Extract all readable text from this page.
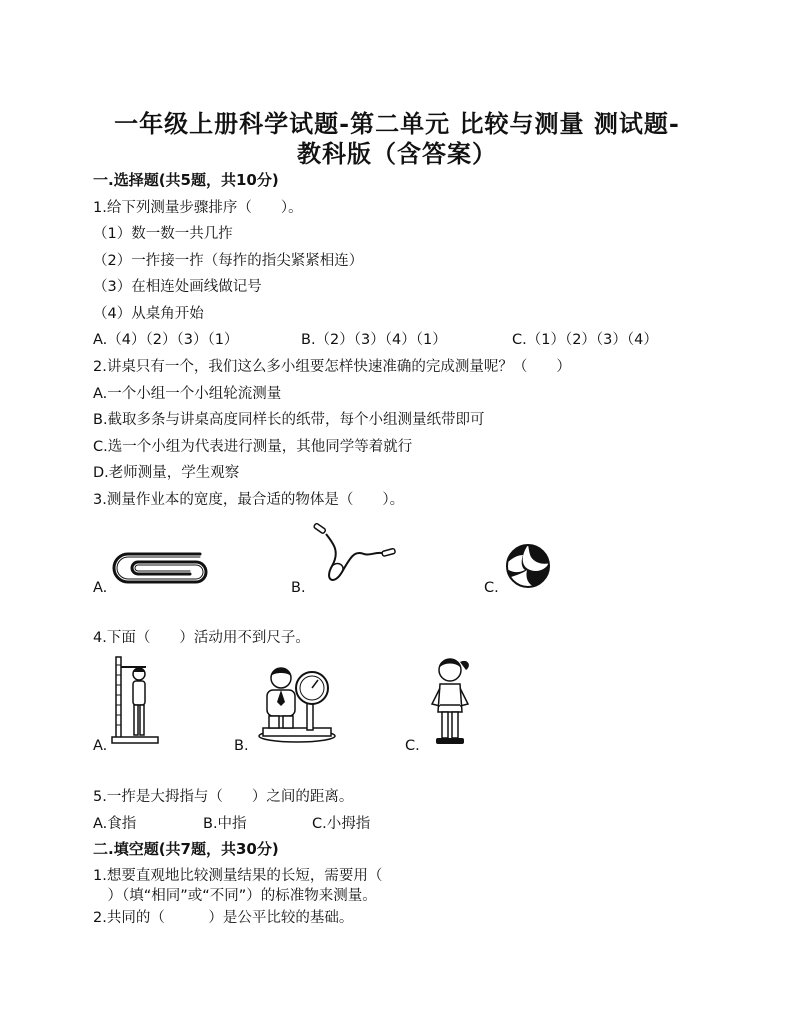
一年级上册科学试题-第二单元 比较与测量 测试题-
教科版（含答案）
一.选择题(共5题，共10分)
1.给下列测量步骤排序（　　）。
（1）数一数一共几拃
（2）一拃接一拃（每拃的指尖紧紧相连）
（3）在相连处画线做记号
（4）从桌角开始
A.（4）（2）（3）（1）	B.（2）（3）（4）（1）	C.（1）（2）（3）（4）
2.讲桌只有一个，我们这么多小组要怎样快速准确的完成测量呢？（　　）
A.一个小组一个小组轮流测量
B.截取多条与讲桌高度同样长的纸带，每个小组测量纸带即可
C.选一个小组为代表进行测量，其他同学等着就行
D.老师测量，学生观察
3.测量作业本的宽度，最合适的物体是（　　）。
A.	B.	C.
4.下面（　　）活动用不到尺子。
A.	B.	C.
5.一拃是大拇指与（　　）之间的距离。
A.食指	B.中指	C.小拇指
二.填空题(共7题，共30分)
1.想要直观地比较测量结果的长短，需要用（　　　
　）（填“相同”或“不同”）的标准物来测量。
2.共同的（　　　）是公平比较的基础。
